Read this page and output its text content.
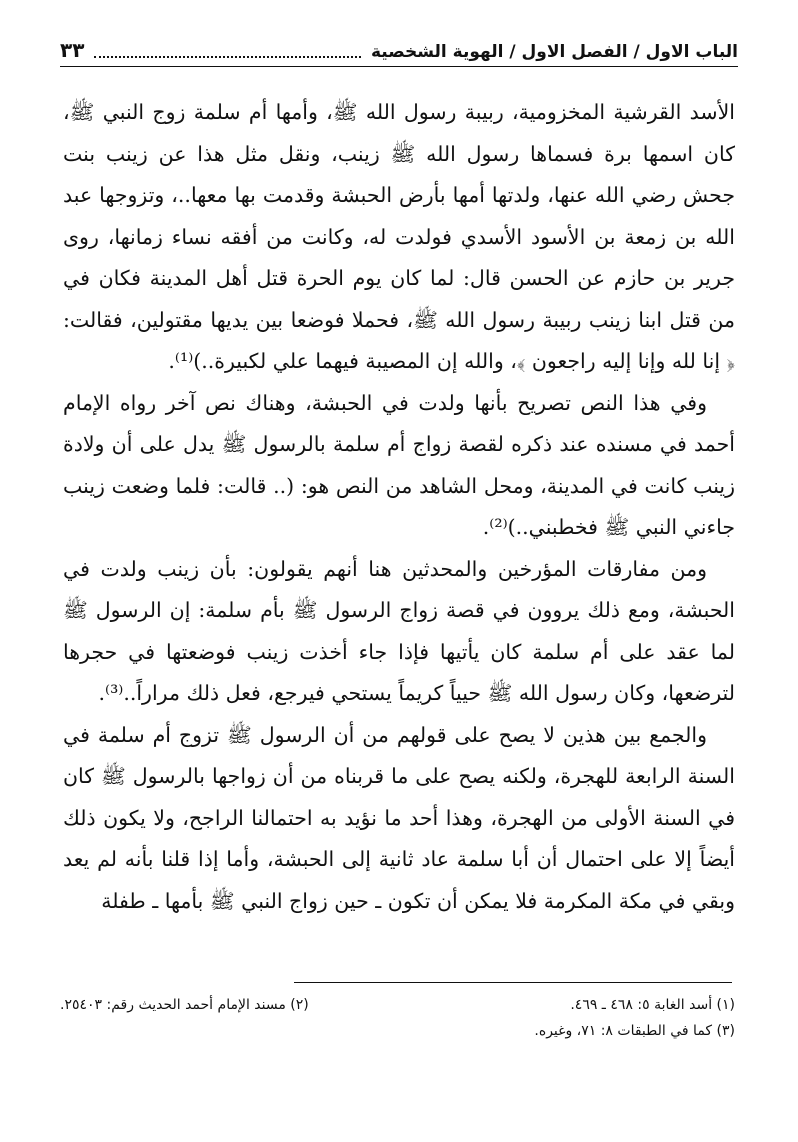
الباب الاول / الفصل الاول / الهوية الشخصية
٣٣

الأسد القرشية المخزومية، ربيبة رسول الله ﷺ، وأمها أم سلمة زوج النبي ﷺ، كان اسمها برة فسماها رسول الله ﷺ زينب، ونقل مثل هذا عن زينب بنت جحش رضي الله عنها، ولدتها أمها بأرض الحبشة وقدمت بها معها..، وتزوجها عبد الله بن زمعة بن الأسود الأسدي فولدت له، وكانت من أفقه نساء زمانها، روى جرير بن حازم عن الحسن قال: لما كان يوم الحرة قتل أهل المدينة فكان في من قتل ابنا زينب ربيبة رسول الله ﷺ، فحملا فوضعا بين يديها مقتولين، فقالت: ﴿ إنا لله وإنا إليه راجعون ﴾، والله إن المصيبة فيهما علي لكبيرة..)⁽¹⁾.

وفي هذا النص تصريح بأنها ولدت في الحبشة، وهناك نص آخر رواه الإمام أحمد في مسنده عند ذكره لقصة زواج أم سلمة بالرسول ﷺ يدل على أن ولادة زينب كانت في المدينة، ومحل الشاهد من النص هو: (.. قالت: فلما وضعت زينب جاءني النبي ﷺ فخطبني..)⁽²⁾.

ومن مفارقات المؤرخين والمحدثين هنا أنهم يقولون: بأن زينب ولدت في الحبشة، ومع ذلك يروون في قصة زواج الرسول ﷺ بأم سلمة: إن الرسول ﷺ لما عقد على أم سلمة كان يأتيها فإذا جاء أخذت زينب فوضعتها في حجرها لترضعها، وكان رسول الله ﷺ حيياً كريماً يستحي فيرجع، فعل ذلك مراراً..⁽³⁾.

والجمع بين هذين لا يصح على قولهم من أن الرسول ﷺ تزوج أم سلمة في السنة الرابعة للهجرة، ولكنه يصح على ما قربناه من أن زواجها بالرسول ﷺ كان في السنة الأولى من الهجرة، وهذا أحد ما نؤيد به احتمالنا الراجح، ولا يكون ذلك أيضاً إلا على احتمال أن أبا سلمة عاد ثانية إلى الحبشة، وأما إذا قلنا بأنه لم يعد وبقي في مكة المكرمة فلا يمكن أن تكون ـ حين زواج النبي ﷺ بأمها ـ طفلة

(١) أسد الغابة ٥: ٤٦٨ ـ ٤٦٩.
(٢) مسند الإمام أحمد الحديث رقم: ٢٥٤٠٣.
(٣) كما في الطبقات ٨: ٧١، وغيره.
